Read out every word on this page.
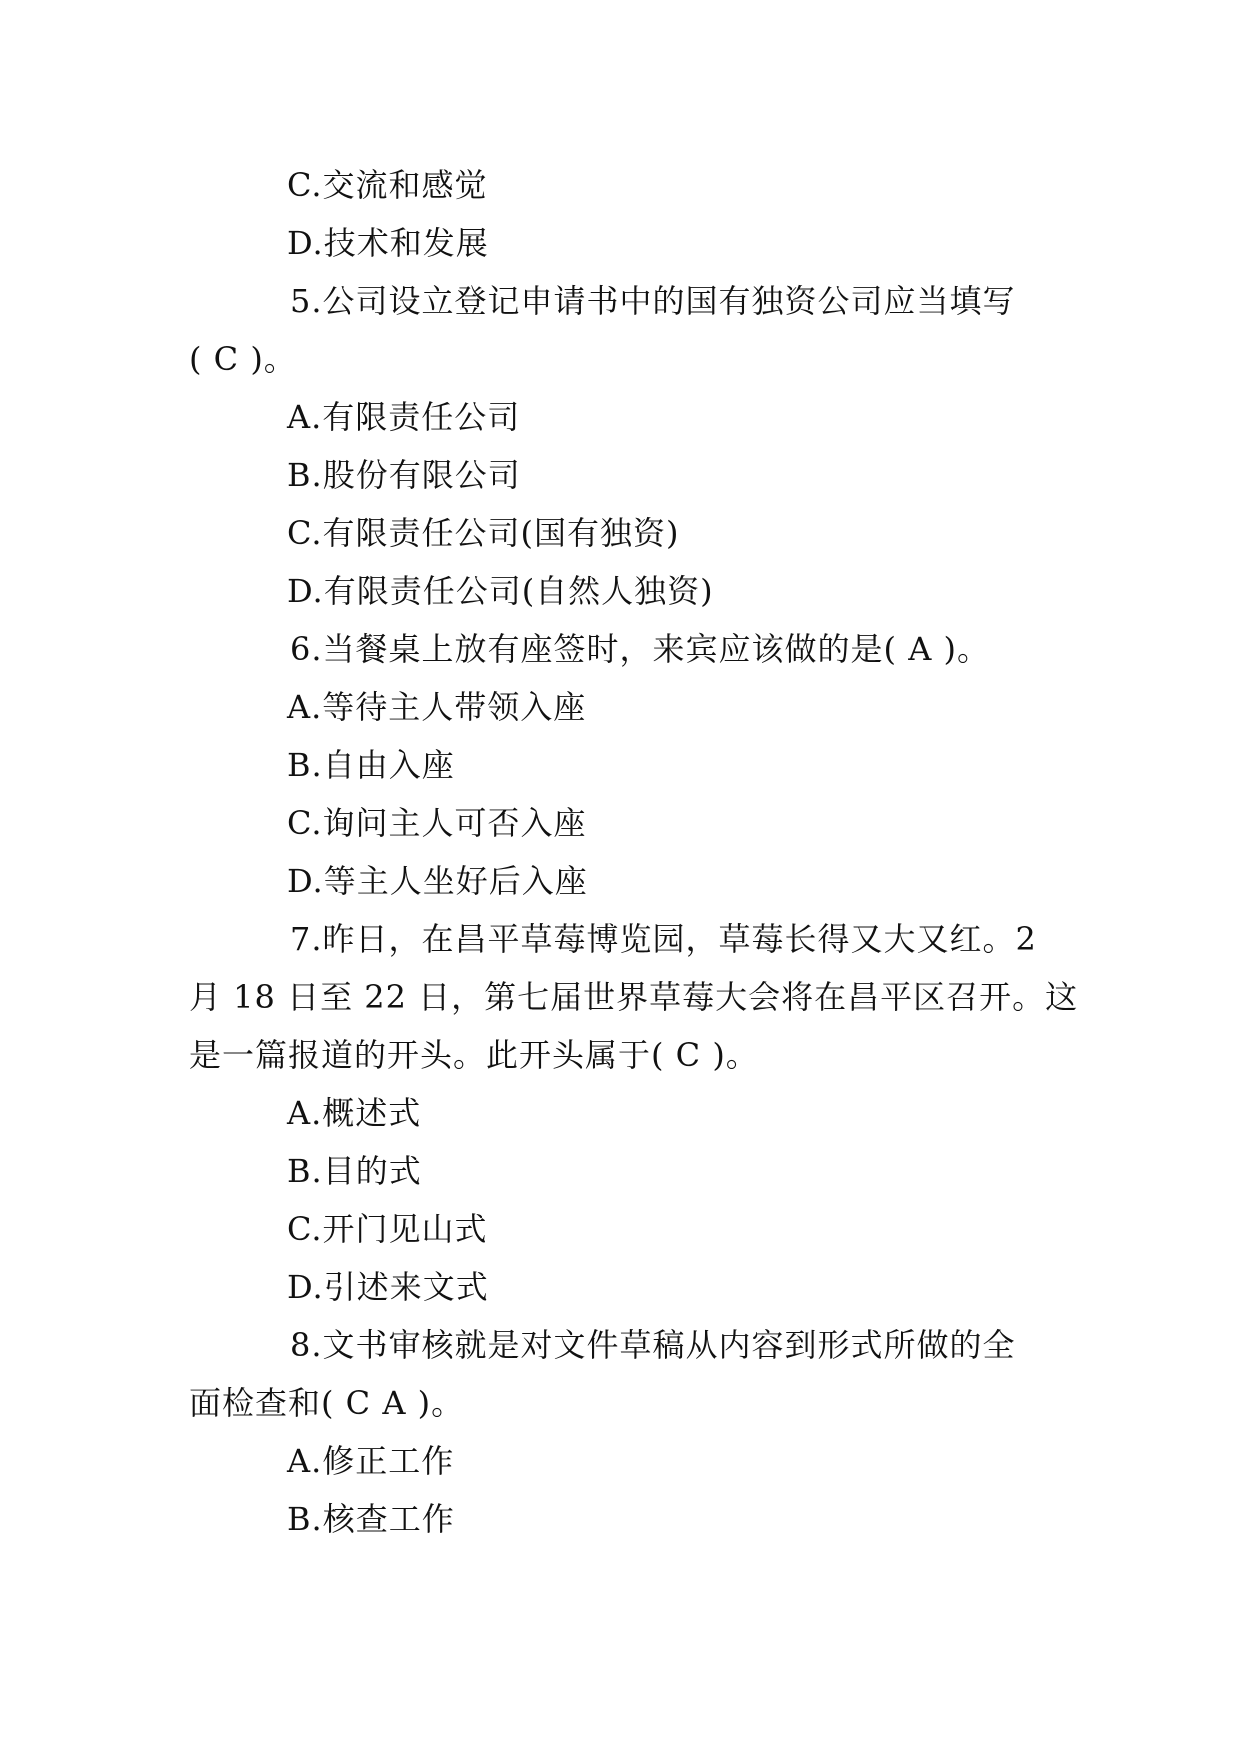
C.交流和感觉
D.技术和发展
5.公司设立登记申请书中的国有独资公司应当填写
( C )。
A.有限责任公司
B.股份有限公司
C.有限责任公司(国有独资)
D.有限责任公司(自然人独资)
6.当餐桌上放有座签时，来宾应该做的是( A )。
A.等待主人带领入座
B.自由入座
C.询问主人可否入座
D.等主人坐好后入座
7.昨日，在昌平草莓博览园，草莓长得又大又红。2
月 18 日至 22 日，第七届世界草莓大会将在昌平区召开。这
是一篇报道的开头。此开头属于( C )。
A.概述式
B.目的式
C.开门见山式
D.引述来文式
8.文书审核就是对文件草稿从内容到形式所做的全
面检查和( C A )。
A.修正工作
B.核查工作
